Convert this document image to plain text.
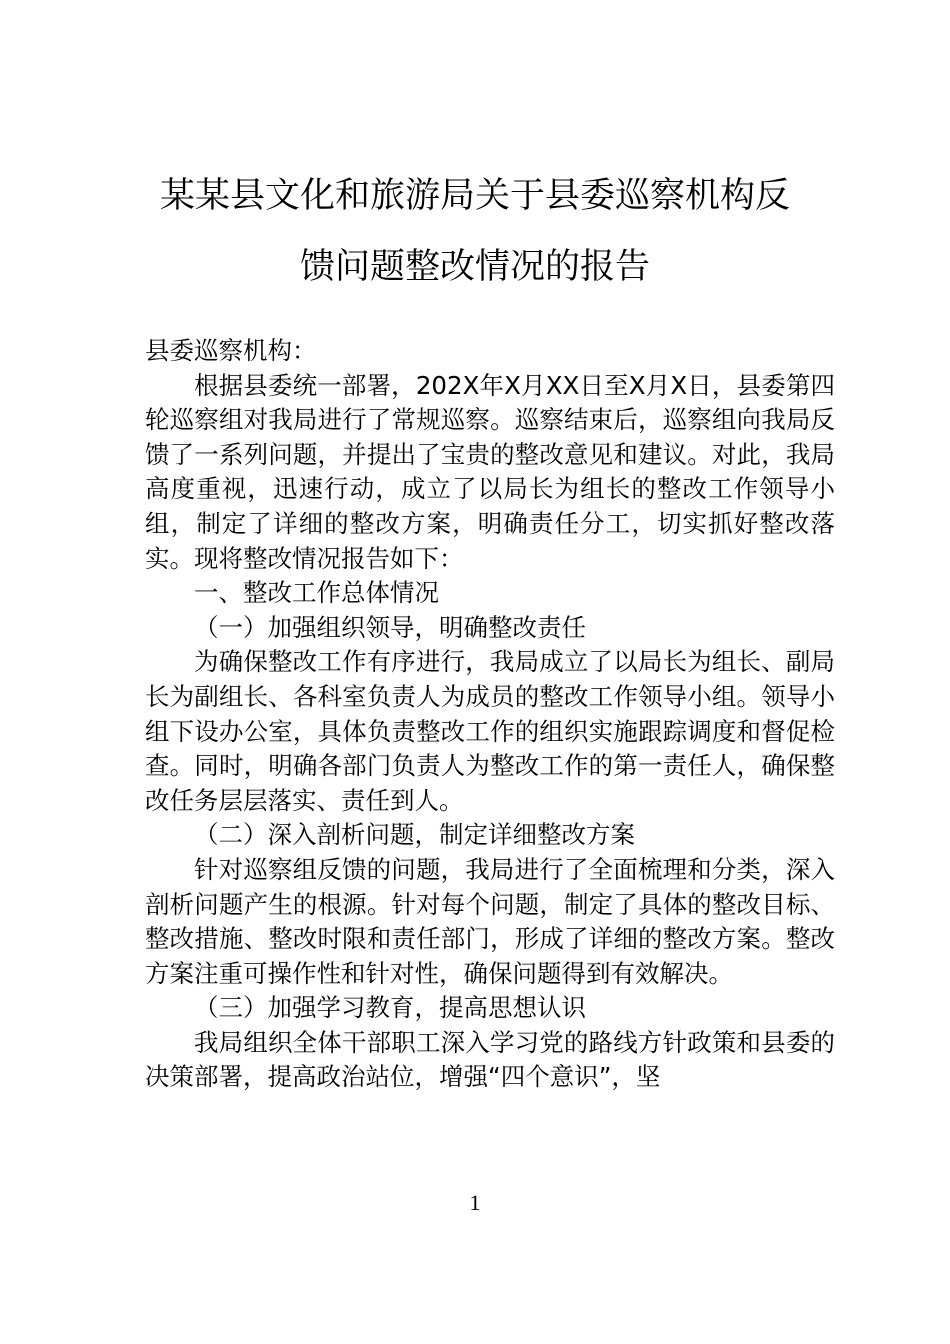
某某县文化和旅游局关于县委巡察机构反
馈问题整改情况的报告

县委巡察机构：

根据县委统一部署，202X年X月XX日至X月X日，县委第四轮巡察组对我局进行了常规巡察。巡察结束后，巡察组向我局反馈了一系列问题，并提出了宝贵的整改意见和建议。对此，我局高度重视，迅速行动，成立了以局长为组长的整改工作领导小组，制定了详细的整改方案，明确责任分工，切实抓好整改落实。现将整改情况报告如下：

一、整改工作总体情况

（一）加强组织领导，明确整改责任

为确保整改工作有序进行，我局成立了以局长为组长、副局长为副组长、各科室负责人为成员的整改工作领导小组。领导小组下设办公室，具体负责整改工作的组织实施跟踪调度和督促检查。同时，明确各部门负责人为整改工作的第一责任人，确保整改任务层层落实、责任到人。

（二）深入剖析问题，制定详细整改方案

针对巡察组反馈的问题，我局进行了全面梳理和分类，深入剖析问题产生的根源。针对每个问题，制定了具体的整改目标、整改措施、整改时限和责任部门，形成了详细的整改方案。整改方案注重可操作性和针对性，确保问题得到有效解决。

（三）加强学习教育，提高思想认识

我局组织全体干部职工深入学习党的路线方针政策和县委的决策部署，提高政治站位，增强“四个意识”，坚

1
